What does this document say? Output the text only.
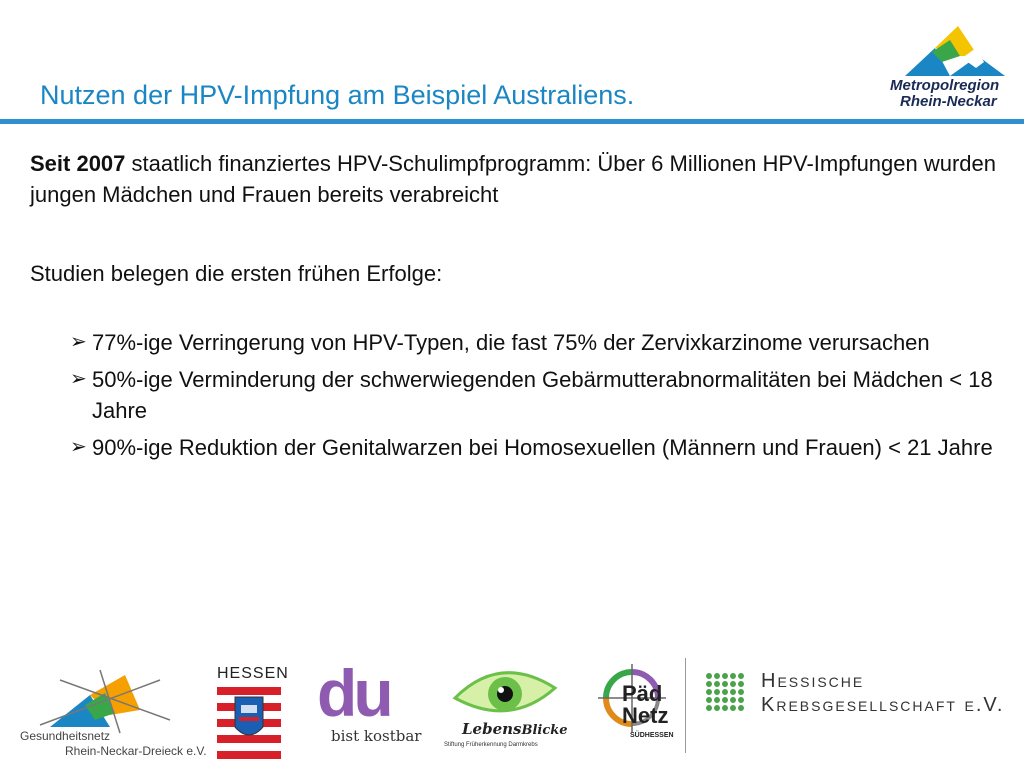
Nutzen der HPV-Impfung am Beispiel Australiens.	Metropolregion
Rhein-Neckar

Seit 2007 staatlich finanziertes HPV-Schulimpfprogramm: Über 6 Millionen HPV-Impfungen wurden jungen Mädchen und Frauen bereits verabreicht

Studien belegen die ersten frühen Erfolge:

➢ 77%-ige Verringerung von HPV-Typen, die fast 75% der Zervixkarzinome verursachen
➢ 50%-ige Verminderung der schwerwiegenden Gebärmutterabnormalitäten bei Mädchen < 18 Jahre
➢ 90%-ige Reduktion der Genitalwarzen bei Homosexuellen (Männern und Frauen) < 21 Jahre
Gesundheitsnetz
Rhein-Neckar-Dreieck e.V.
HESSEN du
bist kostbar	LebensBlicke
Stiftung Früherkennung Darmkrebs
Päd
Netz
SÜDHESSEN
Hessische
Krebsgesellschaft e.V.
